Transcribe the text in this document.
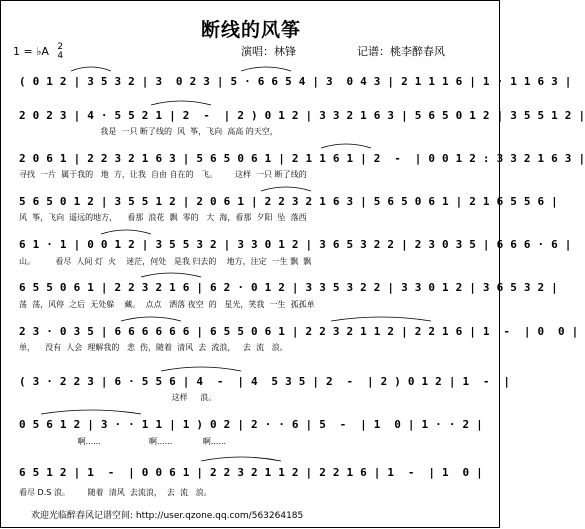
断线的风筝
1 = ♭A 2
4	演唱：林锋	记谱：桃李醉春风
( 0 1 2 | 3 5 3 2 | 3  0 2 3 | 5 · 6 6 5 4 | 3  0 4 3 | 2 1 1 1 6 | 1 · 1 1 6 3 |
2 0 2 3 | 4 · 5 5 2 1 | 2  -  | 2 ) 0 1 2 | 3 3 2 1 6 3 | 5 6 5 0 1 2 | 3 5 5 1 2 |
我是  一只 断了线的  风  筝，飞向  高高 的天空，
2 0 6 1 | 2 2 3 2 1 6 3 | 5 6 5 0 6 1 | 2 1 1 6 1 | 2  -  | 0 0 1 2 : 3 3 2 1 6 3 |
寻找  一片  属于我的   地  方，让我  自由 自在的   飞。       这样  一只 断了线的
5 6 5 0 1 2 | 3 5 5 1 2 | 2 0 6 1 | 2 2 3 2 1 6 3 | 5 6 5 0 6 1 | 2 1 6 5 5 6 |
风  筝，飞向  遥远的地方，    看那  浪花  飘  零的   大  海，看那  夕阳  坠  落西
6 1 · 1 | 0 0 1 2 | 3 5 5 3 2 | 3 3 0 1 2 | 3 6 5 3 2 2 | 2 3 0 3 5 | 6 6 6 · 6 |
山。        看尽  人间 灯  火    迷茫，何处   是我 归去的    地方，注定  一生 飘  飘
6 5 5 0 6 1 | 2 2 3 2 1 6 | 6 2 · 0 1 2 | 3 3 5 3 2 2 | 3 3 0 1 2 | 3 6 5 3 2 |
荡  荡，风停  之后  无处躲    藏。  点点   洒落 夜空  的   星光，笑我  一生  孤孤单
2 3 · 0 3 5 | 6 6 6 6 6 6 | 6 5 5 0 6 1 | 2 2 3 2 1 1 2 | 2 2 1 6 | 1  -  | 0  0 |
单，    没有  人会  理解我的   悲  伤，随着  清风  去  流浪，   去  流   浪。
( 3 · 2 2 3 | 6 · 5 5 6 | 4  -  | 4  5 3 5 | 2  -  | 2 ) 0 1 2 | 1  -  |
这样     浪。
0 5 6 1 2 | 3 · · 1 1 | 1 ) 0 2 | 2 · · 6 | 5  -  | 1  0 | 1 · · 2 |
啊......                   啊......            啊......
6 5 1 2 | 1  -  | 0 0 6 1 | 2 2 3 2 1 1 2 | 2 2 1 6 | 1  -  | 1  0 |
看尽 D.S 浪。       随着  清风  去流浪，  去  流   浪。
欢迎光临醉春风记谱空间: http://user.qzone.qq.com/563264185
